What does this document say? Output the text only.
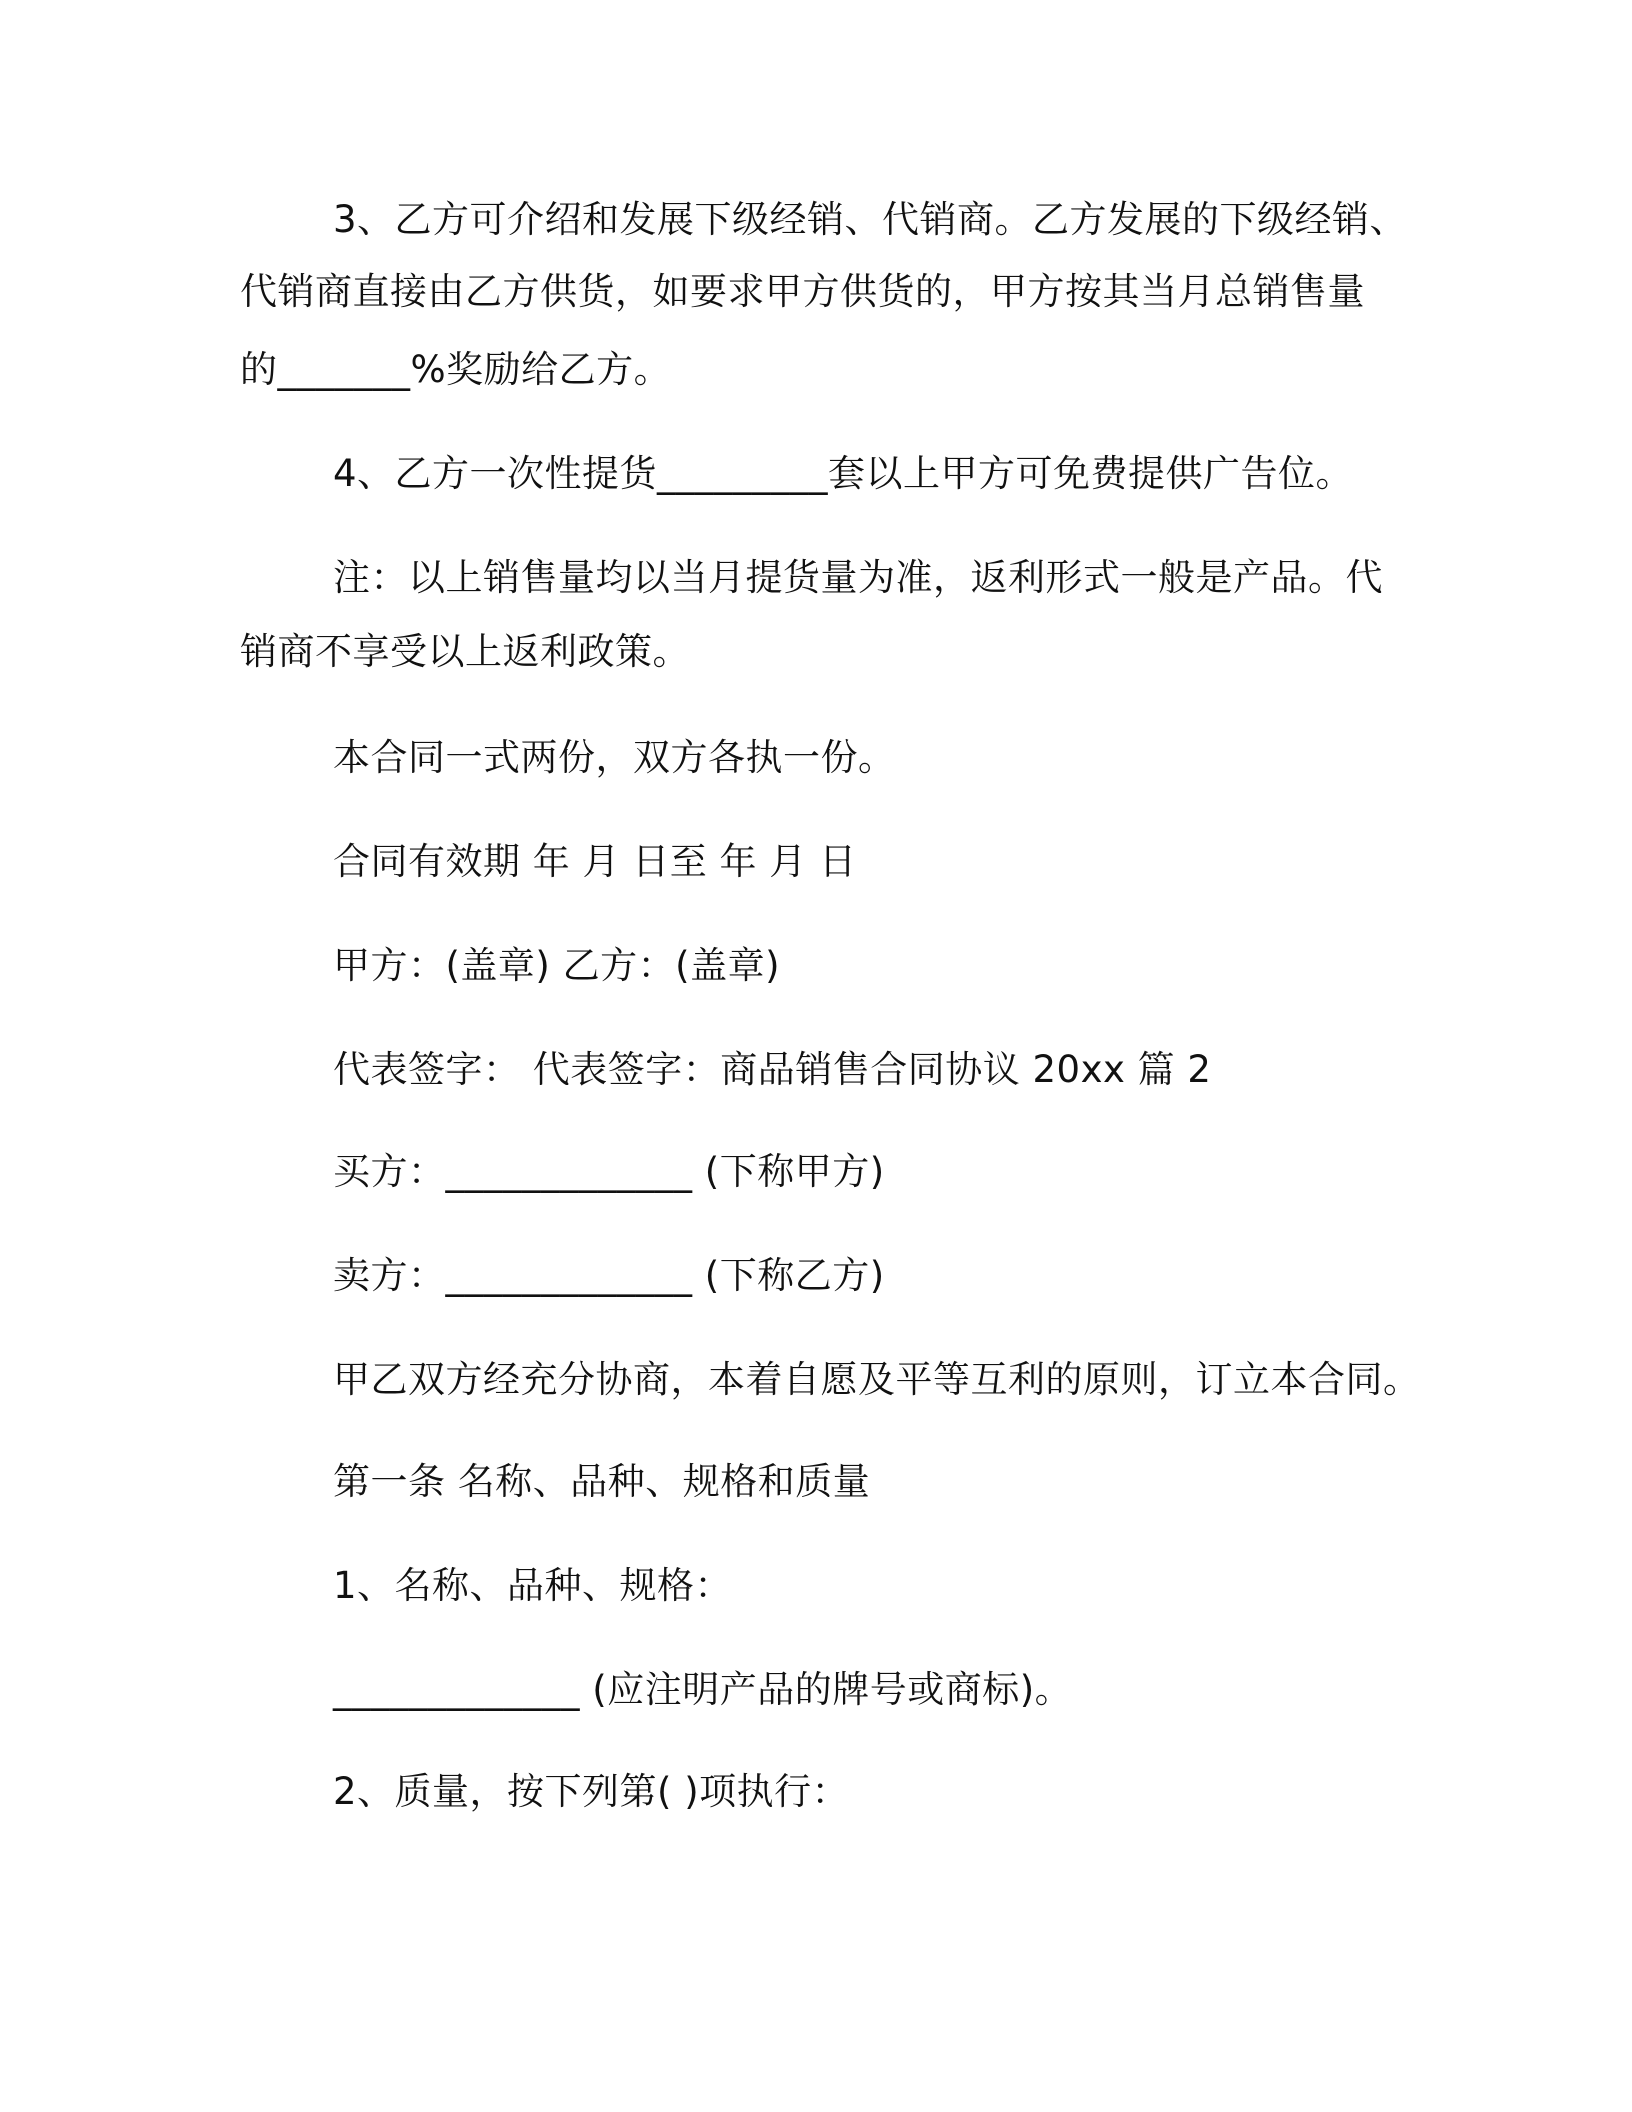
3、乙方可介绍和发展下级经销、代销商。乙方发展的下级经销、
代销商直接由乙方供货，如要求甲方供货的，甲方按其当月总销售量
的_______%奖励给乙方。
4、乙方一次性提货_________套以上甲方可免费提供广告位。
注：以上销售量均以当月提货量为准，返利形式一般是产品。代
销商不享受以上返利政策。
本合同一式两份，双方各执一份。
合同有效期 年 月 日至 年 月 日
甲方：(盖章) 乙方：(盖章)
代表签字： 代表签字：商品销售合同协议 20xx 篇 2
买方：_____________ (下称甲方)
卖方：_____________ (下称乙方)
甲乙双方经充分协商，本着自愿及平等互利的原则，订立本合同。
第一条 名称、品种、规格和质量
1、名称、品种、规格：
_____________ (应注明产品的牌号或商标)。
2、质量，按下列第( )项执行：
